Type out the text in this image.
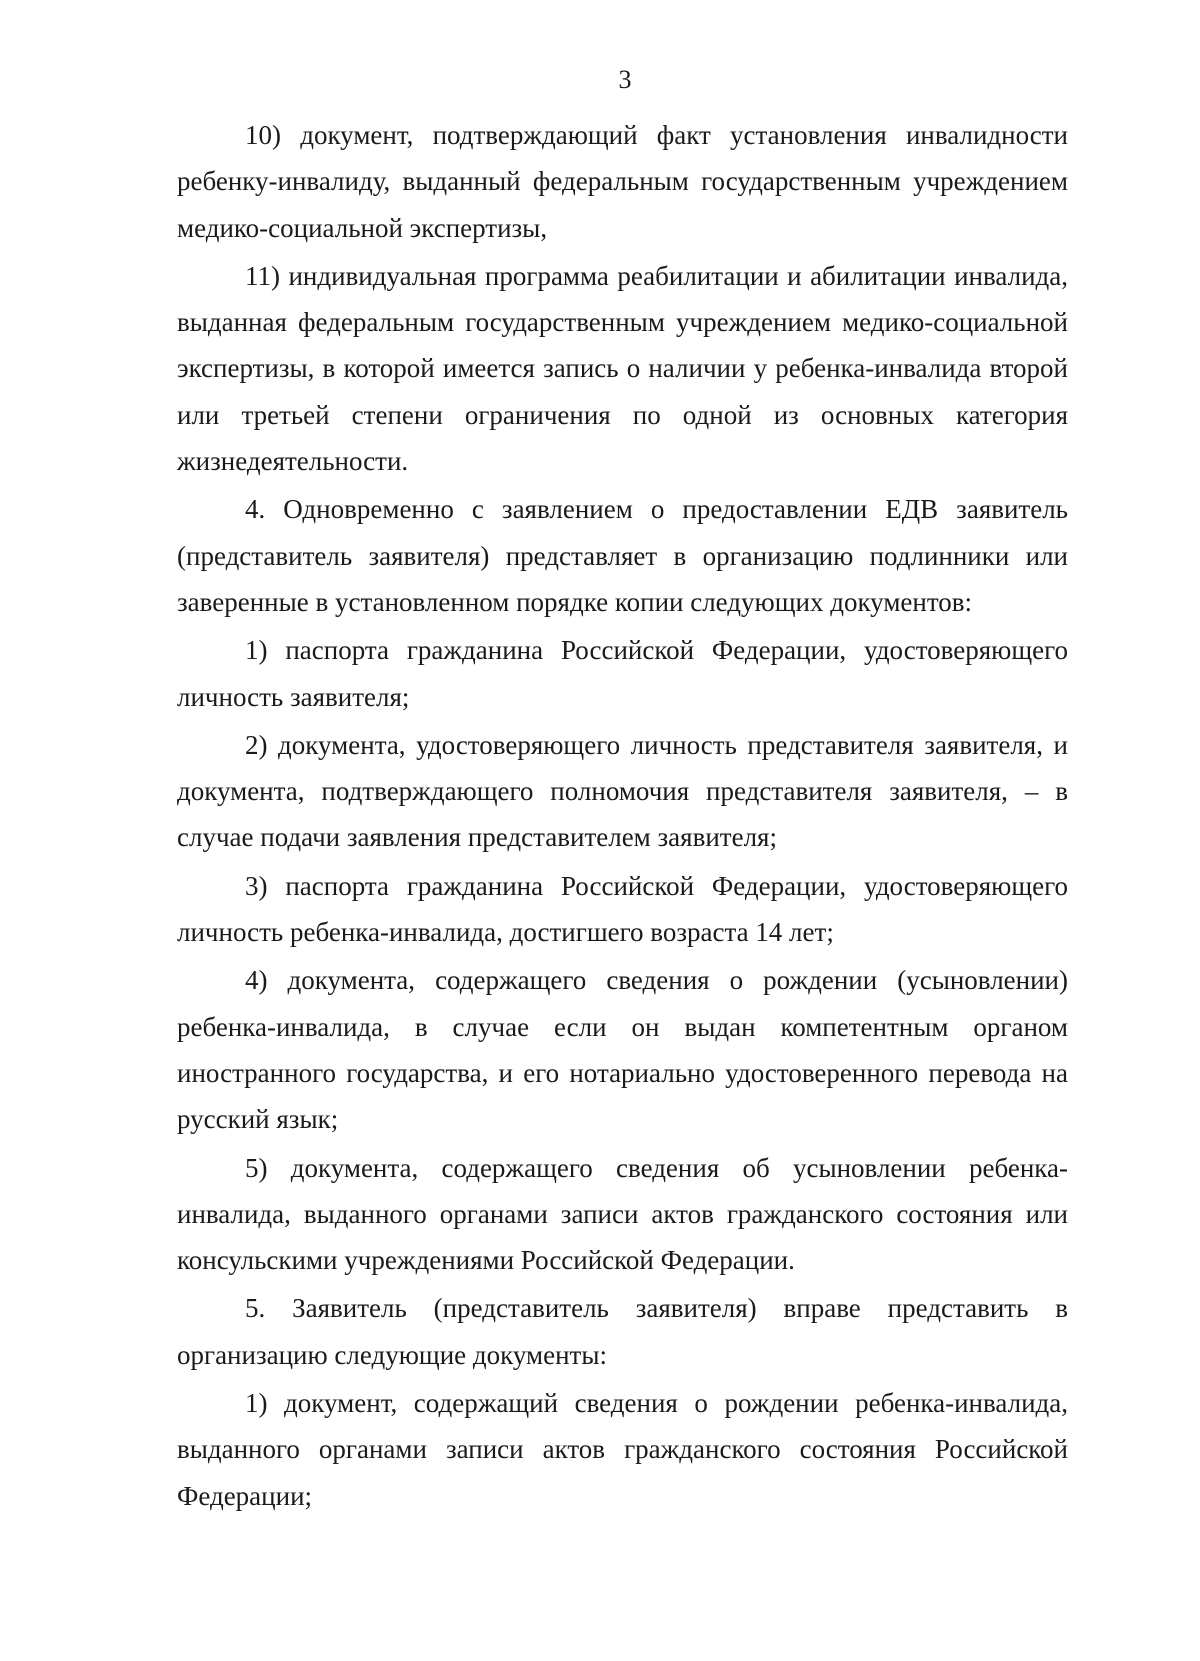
3

10) документ, подтверждающий факт установления инвалидности ребенку-инвалиду, выданный федеральным государственным учреждением медико-социальной экспертизы,

11) индивидуальная программа реабилитации и абилитации инвалида, выданная федеральным государственным учреждением медико-социальной экспертизы, в которой имеется запись о наличии у ребенка-инвалида второй или третьей степени ограничения по одной из основных категория жизнедеятельности.

4. Одновременно с заявлением о предоставлении ЕДВ заявитель (представитель заявителя) представляет в организацию подлинники или заверенные в установленном порядке копии следующих документов:

1) паспорта гражданина Российской Федерации, удостоверяющего личность заявителя;

2) документа, удостоверяющего личность представителя заявителя, и документа, подтверждающего полномочия представителя заявителя, – в случае подачи заявления представителем заявителя;

3) паспорта гражданина Российской Федерации, удостоверяющего личность ребенка-инвалида, достигшего возраста 14 лет;

4) документа, содержащего сведения о рождении (усыновлении) ребенка-инвалида, в случае если он выдан компетентным органом иностранного государства, и его нотариально удостоверенного перевода на русский язык;

5) документа, содержащего сведения об усыновлении ребенка-инвалида, выданного органами записи актов гражданского состояния или консульскими учреждениями Российской Федерации.

5. Заявитель (представитель заявителя) вправе представить в организацию следующие документы:

1) документ, содержащий сведения о рождении ребенка-инвалида, выданного органами записи актов гражданского состояния Российской Федерации;
